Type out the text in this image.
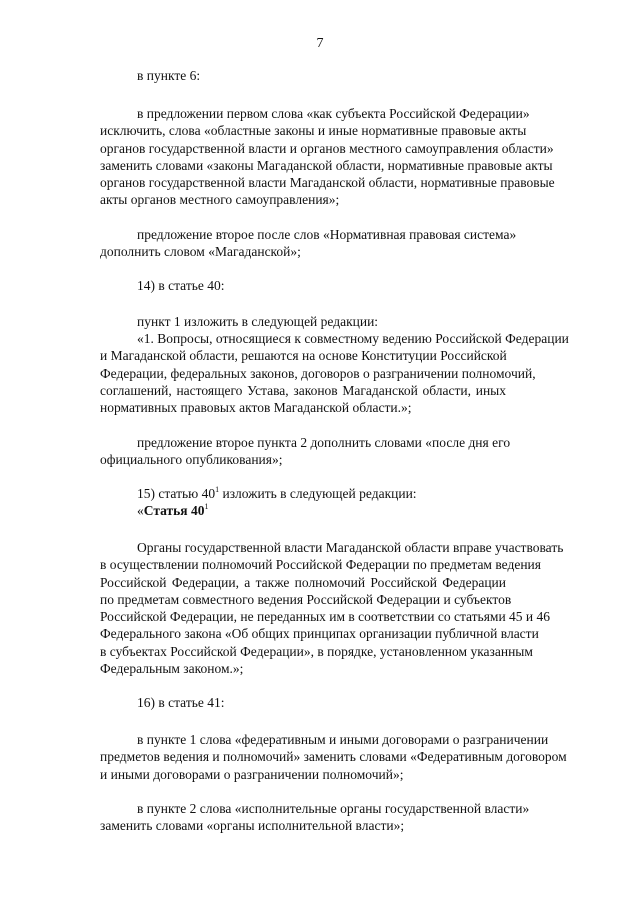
7
в пункте 6:
в предложении первом слова «как субъекта Российской Федерации»
исключить, слова «областные законы и иные нормативные правовые акты
органов государственной власти и органов местного самоуправления области»
заменить словами «законы Магаданской области, нормативные правовые акты
органов государственной власти Магаданской области, нормативные правовые
акты органов местного самоуправления»;
предложение второе после слов «Нормативная правовая система»
дополнить словом «Магаданской»;
14) в статье 40:
пункт 1 изложить в следующей редакции:
«1. Вопросы, относящиеся к совместному ведению Российской Федерации
и Магаданской области, решаются на основе Конституции Российской
Федерации, федеральных законов, договоров о разграничении полномочий,
соглашений, настоящего Устава, законов Магаданской области, иных
нормативных правовых актов Магаданской области.»;
предложение второе пункта 2 дополнить словами «после дня его
официального опубликования»;
15) статью $40^1$ изложить в следующей редакции:
«Статья $40^1$
Органы государственной власти Магаданской области вправе участвовать
в осуществлении полномочий Российской Федерации по предметам ведения
Российской Федерации, а также полномочий Российской Федерации
по предметам совместного ведения Российской Федерации и субъектов
Российской Федерации, не переданных им в соответствии со статьями 45 и 46
Федерального закона «Об общих принципах организации публичной власти
в субъектах Российской Федерации», в порядке, установленном указанным
Федеральным законом.»;
16) в статье 41:
в пункте 1 слова «федеративным и иными договорами о разграничении
предметов ведения и полномочий» заменить словами «Федеративным договором
и иными договорами о разграничении полномочий»;
в пункте 2 слова «исполнительные органы государственной власти»
заменить словами «органы исполнительной власти»;
